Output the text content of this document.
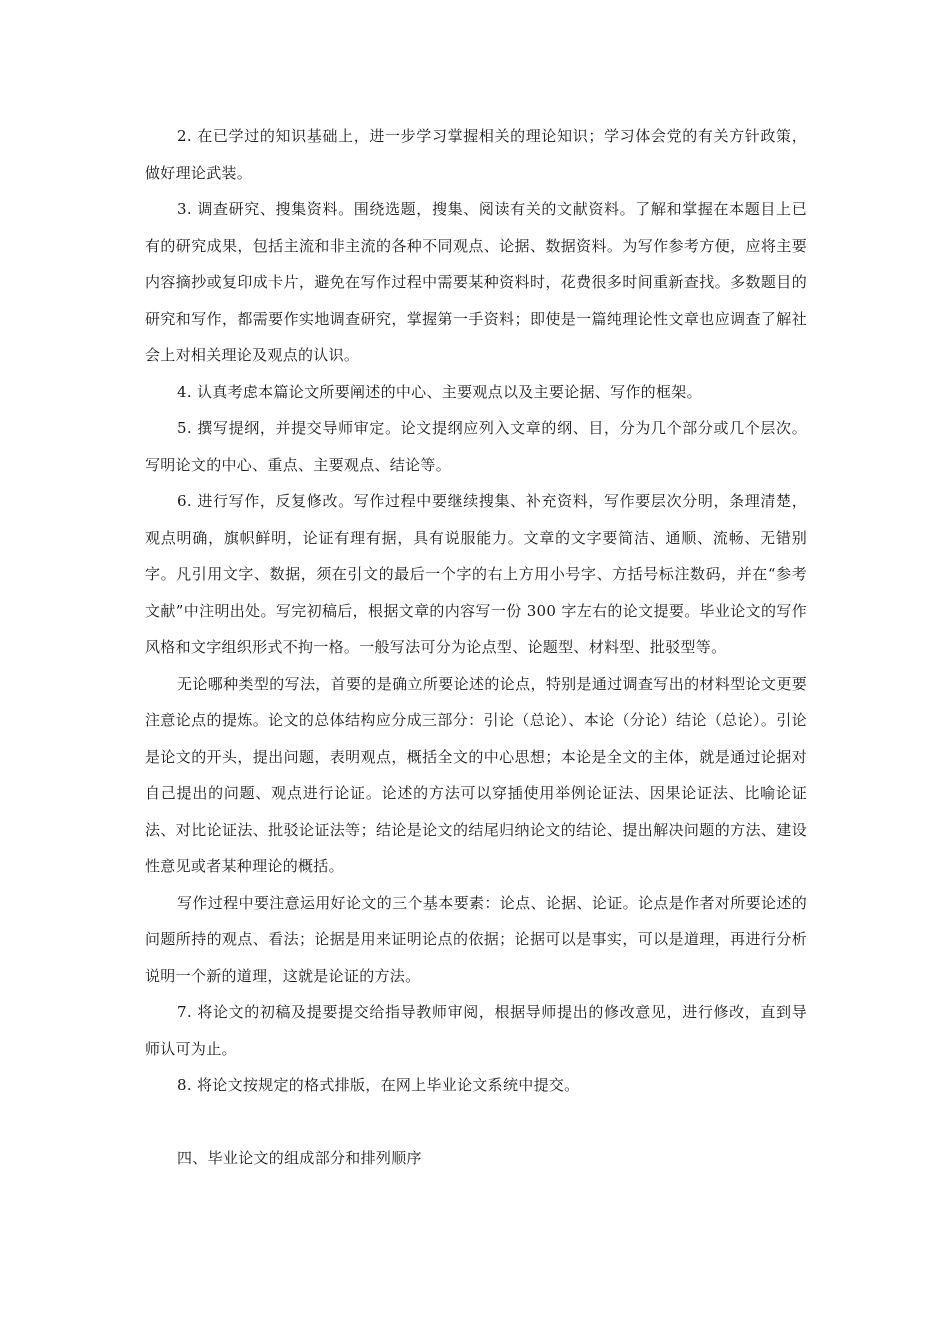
2. 在已学过的知识基础上，进一步学习掌握相关的理论知识；学习体会党的有关方针政策，做好理论武装。

3. 调查研究、搜集资料。围绕选题，搜集、阅读有关的文献资料。了解和掌握在本题目上已有的研究成果，包括主流和非主流的各种不同观点、论据、数据资料。为写作参考方便，应将主要内容摘抄或复印成卡片，避免在写作过程中需要某种资料时，花费很多时间重新查找。多数题目的研究和写作，都需要作实地调查研究，掌握第一手资料；即使是一篇纯理论性文章也应调查了解社会上对相关理论及观点的认识。

4. 认真考虑本篇论文所要阐述的中心、主要观点以及主要论据、写作的框架。

5. 撰写提纲，并提交导师审定。论文提纲应列入文章的纲、目，分为几个部分或几个层次。写明论文的中心、重点、主要观点、结论等。

6. 进行写作，反复修改。写作过程中要继续搜集、补充资料，写作要层次分明，条理清楚，观点明确，旗帜鲜明，论证有理有据，具有说服能力。文章的文字要简洁、通顺、流畅、无错别字。凡引用文字、数据，须在引文的最后一个字的右上方用小号字、方括号标注数码，并在“参考文献”中注明出处。写完初稿后，根据文章的内容写一份 300 字左右的论文提要。毕业论文的写作风格和文字组织形式不拘一格。一般写法可分为论点型、论题型、材料型、批驳型等。

无论哪种类型的写法，首要的是确立所要论述的论点，特别是通过调查写出的材料型论文更要注意论点的提炼。论文的总体结构应分成三部分：引论（总论）、本论（分论）结论（总论）。引论是论文的开头，提出问题，表明观点，概括全文的中心思想；本论是全文的主体，就是通过论据对自己提出的问题、观点进行论证。论述的方法可以穿插使用举例论证法、因果论证法、比喻论证法、对比论证法、批驳论证法等；结论是论文的结尾归纳论文的结论、提出解决问题的方法、建设性意见或者某种理论的概括。

写作过程中要注意运用好论文的三个基本要素：论点、论据、论证。论点是作者对所要论述的问题所持的观点、看法；论据是用来证明论点的依据；论据可以是事实，可以是道理，再进行分析说明一个新的道理，这就是论证的方法。

7. 将论文的初稿及提要提交给指导教师审阅，根据导师提出的修改意见，进行修改，直到导师认可为止。

8. 将论文按规定的格式排版，在网上毕业论文系统中提交。

四、毕业论文的组成部分和排列顺序
